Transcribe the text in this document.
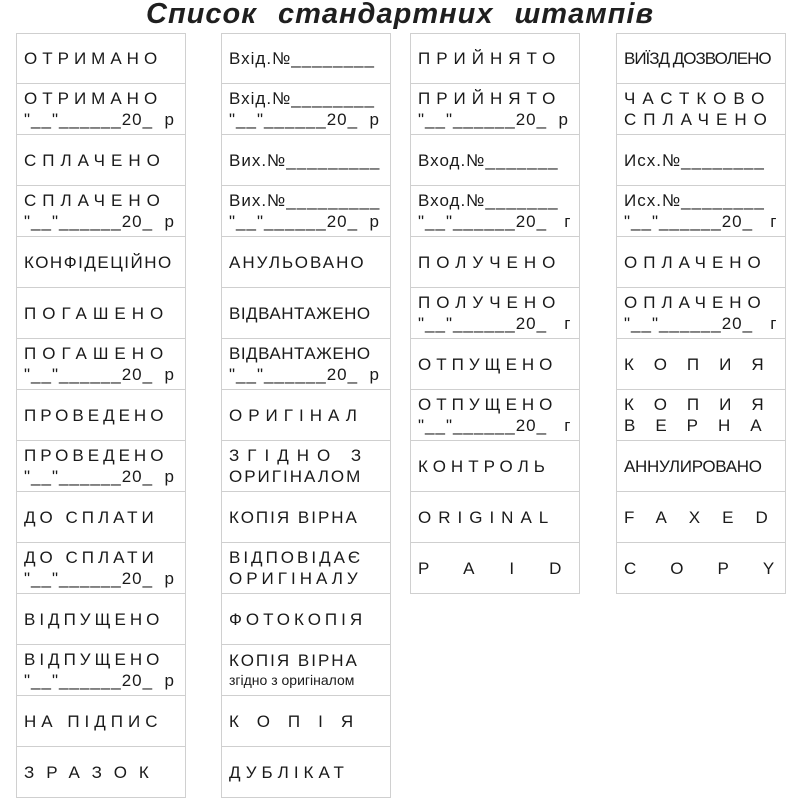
Список стандартних штампів
ОТРИМАНО
ОТРИМАНО
"__"______20_  р
СПЛАЧЕНО
СПЛАЧЕНО
"__"______20_  р
КОНФІДЕЦІЙНО
ПОГАШЕНО
ПОГАШЕНО
"__"______20_  р
ПРОВЕДЕНО
ПРОВЕДЕНО
"__"______20_  р
ДО СПЛАТИ
ДО СПЛАТИ
"__"______20_  р
ВІДПУЩЕНО
ВІДПУЩЕНО
"__"______20_  р
НА ПІДПИС
ЗРАЗОК
Вхід.№________
Вхід.№________
"__"______20_  р
Вих.№_________
Вих.№_________
"__"______20_  р
АНУЛЬОВАНО
ВІДВАНТАЖЕНО
ВІДВАНТАЖЕНО
"__"______20_  р
ОРИГІНАЛ
ЗГІДНО З
ОРИГІНАЛОМ
КОПІЯ ВІРНА
ВІДПОВІДАЄ
ОРИГІНАЛУ
ФОТОКОПІЯ
КОПІЯ ВІРНА
згідно з оригіналом
КОПІЯ
ДУБЛІКАТ
ПРИЙНЯТО
ПРИЙНЯТО
"__"______20_  р
Вход.№_______
Вход.№_______
"__"______20_   г
ПОЛУЧЕНО
ПОЛУЧЕНО
"__"______20_   г
ОТПУЩЕНО
ОТПУЩЕНО
"__"______20_   г
КОНТРОЛЬ
ORIGINAL
PAID
ВИЇЗД ДОЗВОЛЕНО
ЧАСТКОВО
СПЛАЧЕНО
Исх.№________
Исх.№________
"__"______20_   г
ОПЛАЧЕНО
ОПЛАЧЕНО
"__"______20_   г
КОПИЯ
КОПИЯ
ВЕРНА
АННУЛИРОВАНО
FAXED
COPY
